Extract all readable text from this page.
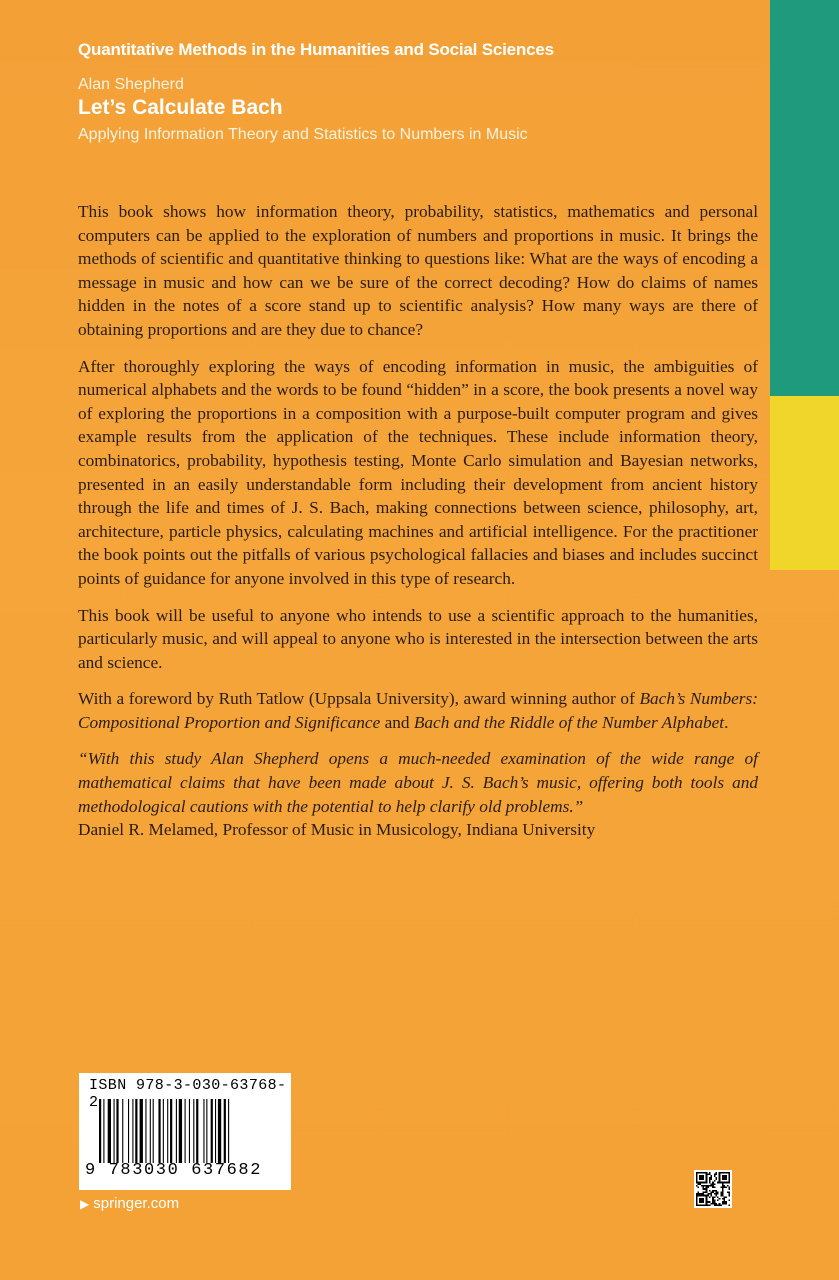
Quantitative Methods in the Humanities and Social Sciences
Alan Shepherd
Let’s Calculate Bach
Applying Information Theory and Statistics to Numbers in Music

This book shows how information theory, probability, statistics, mathematics and personal computers can be applied to the exploration of numbers and proportions in music. It brings the methods of scientific and quantitative thinking to questions like: What are the ways of encoding a message in music and how can we be sure of the correct decoding? How do claims of names hidden in the notes of a score stand up to scientific analysis? How many ways are there of obtaining proportions and are they due to chance?

After thoroughly exploring the ways of encoding information in music, the ambiguities of numerical alphabets and the words to be found “hidden” in a score, the book presents a novel way of exploring the proportions in a composition with a purpose-built computer program and gives example results from the application of the techniques. These include information theory, combinatorics, probability, hypothesis testing, Monte Carlo simulation and Bayesian networks, presented in an easily understandable form including their development from ancient history through the life and times of J. S. Bach, making connections between science, philosophy, art, architecture, particle physics, calculating machines and artificial intelligence. For the practitioner the book points out the pitfalls of various psychological fallacies and biases and includes succinct points of guidance for anyone involved in this type of research.

This book will be useful to anyone who intends to use a scientific approach to the humanities, particularly music, and will appeal to anyone who is interested in the intersection between the arts and science.

With a foreword by Ruth Tatlow (Uppsala University), award winning author of Bach’s Numbers: Compositional Proportion and Significance and Bach and the Riddle of the Number Alphabet.

“With this study Alan Shepherd opens a much-needed examination of the wide range of mathematical claims that have been made about J. S. Bach’s music, offering both tools and methodological cautions with the potential to help clarify old problems.”

Daniel R. Melamed, Professor of Music in Musicology, Indiana University

ISBN 978-3-030-63768-2
9 783030 637682
▶ springer.com
